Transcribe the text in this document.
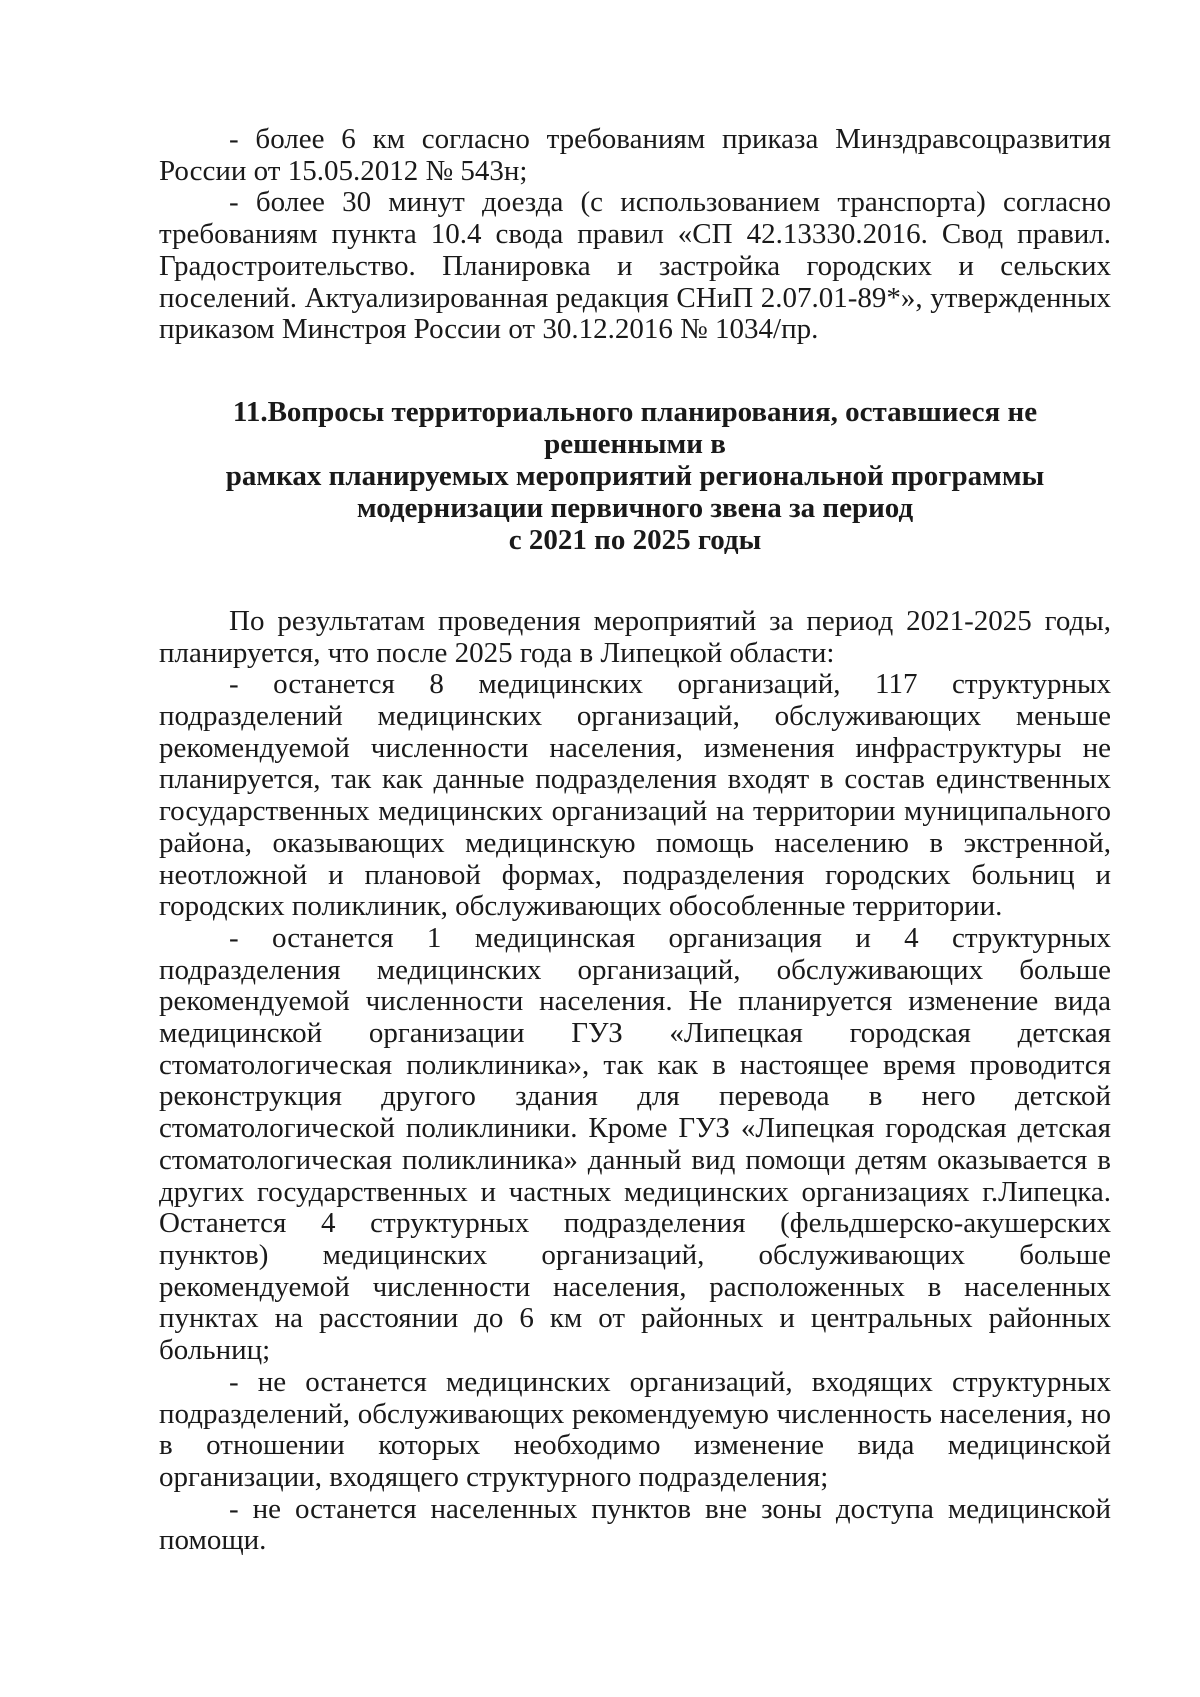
- более 6 км согласно требованиям приказа Минздравсоцразвития России от 15.05.2012 № 543н;

- более 30 минут доезда (с использованием транспорта) согласно требованиям пункта 10.4 свода правил «СП 42.13330.2016. Свод правил. Градостроительство. Планировка и застройка городских и сельских поселений. Актуализированная редакция СНиП 2.07.01-89*», утвержденных приказом Минстроя России от 30.12.2016 № 1034/пр.

11.Вопросы территориального планирования, оставшиеся не решенными в
рамках планируемых мероприятий региональной программы
модернизации первичного звена за период
с 2021 по 2025 годы

По результатам проведения мероприятий за период 2021-2025 годы, планируется, что после 2025 года в Липецкой области:

- останется 8 медицинских организаций, 117 структурных подразделений медицинских организаций, обслуживающих меньше рекомендуемой численности населения, изменения инфраструктуры не планируется, так как данные подразделения входят в состав единственных государственных медицинских организаций на территории муниципального района, оказывающих медицинскую помощь населению в экстренной, неотложной и плановой формах, подразделения городских больниц и городских поликлиник, обслуживающих обособленные территории.

- останется 1 медицинская организация и 4 структурных подразделения медицинских организаций, обслуживающих больше рекомендуемой численности населения. Не планируется изменение вида медицинской организации ГУЗ «Липецкая городская детская стоматологическая поликлиника», так как в настоящее время проводится реконструкция другого здания для перевода в него детской стоматологической поликлиники. Кроме ГУЗ «Липецкая городская детская стоматологическая поликлиника» данный вид помощи детям оказывается в других государственных и частных медицинских организациях г.Липецка. Останется 4 структурных подразделения (фельдшерско-акушерских пунктов) медицинских организаций, обслуживающих больше рекомендуемой численности населения, расположенных в населенных пунктах на расстоянии до 6 км от районных и центральных районных больниц;

- не останется медицинских организаций, входящих структурных подразделений, обслуживающих рекомендуемую численность населения, но в отношении которых необходимо изменение вида медицинской организации, входящего структурного подразделения;

- не останется населенных пунктов вне зоны доступа медицинской помощи.
